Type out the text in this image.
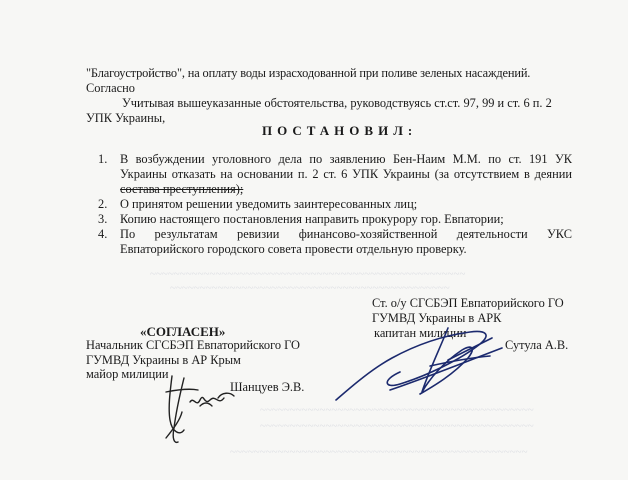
~~~~~~~~~~~~~~~~~~~~~~~~~~~~~~~~~~~~~~~~~~~~~~~~~~~~~
~~~~~~~~~~~~~~~~~~~~~~~~~~~~~~~~~~~~~~~~~~~~~~~
~~~~~~~~~~~~~~~~~~~~~~~~~~~~~~~~~~~~~~~~~~~~~~
~~~~~~~~~~~~~~~~~~~~~~~~~~~~~~~~~~~~~~~~~~~~~~
~~~~~~~~~~~~~~~~~~~~~~~~~~~~~~~~~~~~~~~~~~~~~~~~~~
"Благоустройство", на оплату воды израсходованной при поливе зеленых насаждений.
Согласно
Учитывая вышеуказанные обстоятельства, руководствуясь ст.ст. 97, 99 и ст. 6 п. 2
УПК Украины,
ПОСТАНОВИЛ:
1. В возбуждении уголовного дела по заявлению Бен-Наим М.М. по ст. 191 УК
Украины отказать на основании п. 2 ст. 6 УПК Украины (за отсутствием в деянии
состава преступления);
2. О принятом решении уведомить заинтересованных лиц;
3. Копию настоящего постановления направить прокурору гор. Евпатории;
4. По результатам ревизии финансово-хозяйственной деятельности УКС
Евпаторийского городского совета провести отдельную проверку.
Ст. о/у СГСБЭП Евпаторийского ГО
ГУМВД Украины в АРК
капитан милиции
Сутула А.В.
«СОГЛАСЕН»
Начальник СГСБЭП Евпаторийского ГО
ГУМВД Украины в АР Крым
майор милиции
Шанцуев Э.В.
